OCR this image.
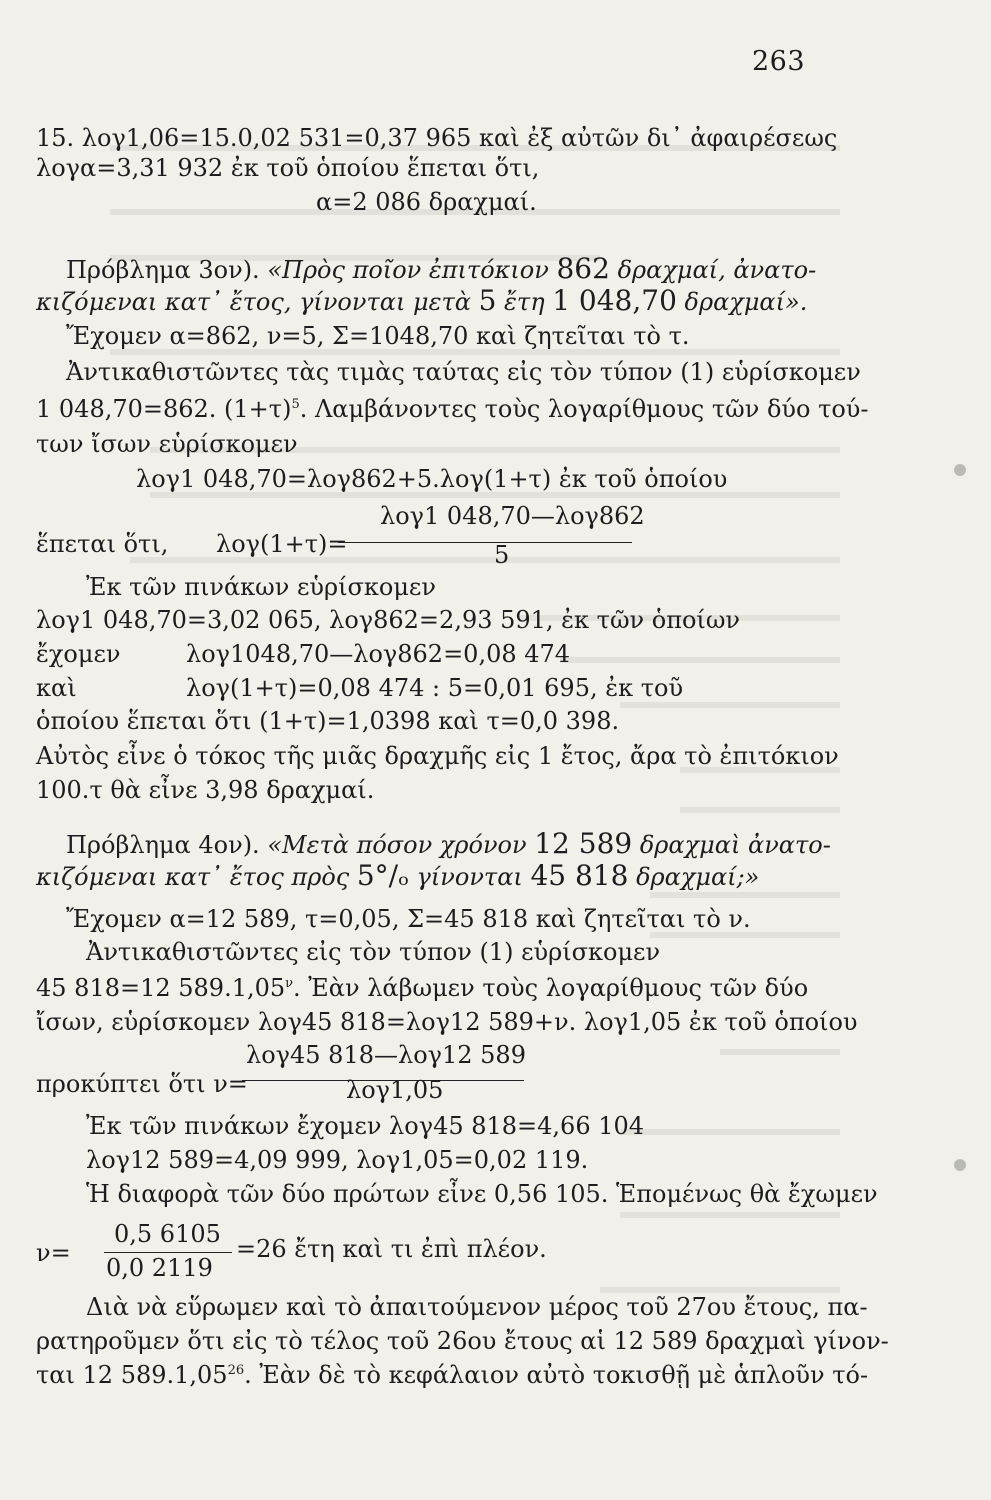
263
15. λογ1,06=15.0,02 531=0,37 965 καὶ ἐξ αὐτῶν δι᾽ ἀφαιρέσεως
λογα=3,31 932 ἐκ τοῦ ὁποίου ἕπεται ὅτι,
α=2 086 δραχμαί.
Πρόβλημα 3ον). «Πρὸς ποῖον ἐπιτόκιον 862 δραχμαί, ἀνατο-
κιζόμεναι κατ᾽ ἔτος, γίνονται μετὰ 5 ἔτη 1 048,70 δραχμαί».
Ἔχομεν α=862, ν=5, Σ=1048,70 καὶ ζητεῖται τὸ τ.
Ἀντικαθιστῶντες τὰς τιμὰς ταύτας εἰς τὸν τύπον (1) εὑρίσκομεν
1 048,70=862. $(1+\tau)^5$. Λαμβάνοντες τοὺς λογαρίθμους τῶν δύο τού-
των ἴσων εὑρίσκομεν
λογ1 048,70=λογ862+5.λογ(1+τ) ἐκ τοῦ ὁποίου
λογ1 048,70—λογ862
ἕπεται ὅτι, λογ(1+τ)=	5
Ἐκ τῶν πινάκων εὑρίσκομεν
λογ1 048,70=3,02 065, λογ862=2,93 591, ἐκ τῶν ὁποίων
ἔχομεν	λογ1048,70—λογ862=0,08 474
καὶ	λογ(1+τ)=0,08 474 : 5=0,01 695, ἐκ τοῦ
ὁποίου ἕπεται ὅτι (1+τ)=1,0398 καὶ τ=0,0 398.
Αὐτὸς εἶνε ὁ τόκος τῆς μιᾶς δραχμῆς εἰς 1 ἔτος, ἄρα τὸ ἐπιτόκιον
100.τ θὰ εἶνε 3,98 δραχμαί.
Πρόβλημα 4ον). «Μετὰ πόσον χρόνον 12 589 δραχμαὶ ἀνατο-
κιζόμεναι κατ᾽ ἔτος πρὸς 5°/ₒ γίνονται 45 818 δραχμαί;»
Ἔχομεν α=12 589, τ=0,05, Σ=45 818 καὶ ζητεῖται τὸ ν.
Ἀντικαθιστῶντες εἰς τὸν τύπον (1) εὑρίσκομεν
45 818=12 $589.1,05^\nu$. Ἐὰν λάβωμεν τοὺς λογαρίθμους τῶν δύο
ἴσων, εὑρίσκομεν λογ45 818=λογ12 589+ν. λογ1,05 ἐκ τοῦ ὁποίου
λογ45 818—λογ12 589
προκύπτει ὅτι ν=	λογ1,05
Ἐκ τῶν πινάκων ἔχομεν λογ45 818=4,66 104
λογ12 589=4,09 999, λογ1,05=0,02 119.
Ἡ διαφορὰ τῶν δύο πρώτων εἶνε 0,56 105. Ἑπομένως θὰ ἔχωμεν
0,5 6105
ν=	=26 ἔτη καὶ τι ἐπὶ πλέον.
0,0 2119
Διὰ νὰ εὕρωμεν καὶ τὸ ἀπαιτούμενον μέρος τοῦ 27ου ἔτους, πα-
ρατηροῦμεν ὅτι εἰς τὸ τέλος τοῦ 26ου ἔτους αἱ 12 589 δραχμαὶ γίνον-
ται 12 589.1,05$^{26}$. Ἐὰν δὲ τὸ κεφάλαιον αὐτὸ τοκισθῇ μὲ ἁπλοῦν τό-
